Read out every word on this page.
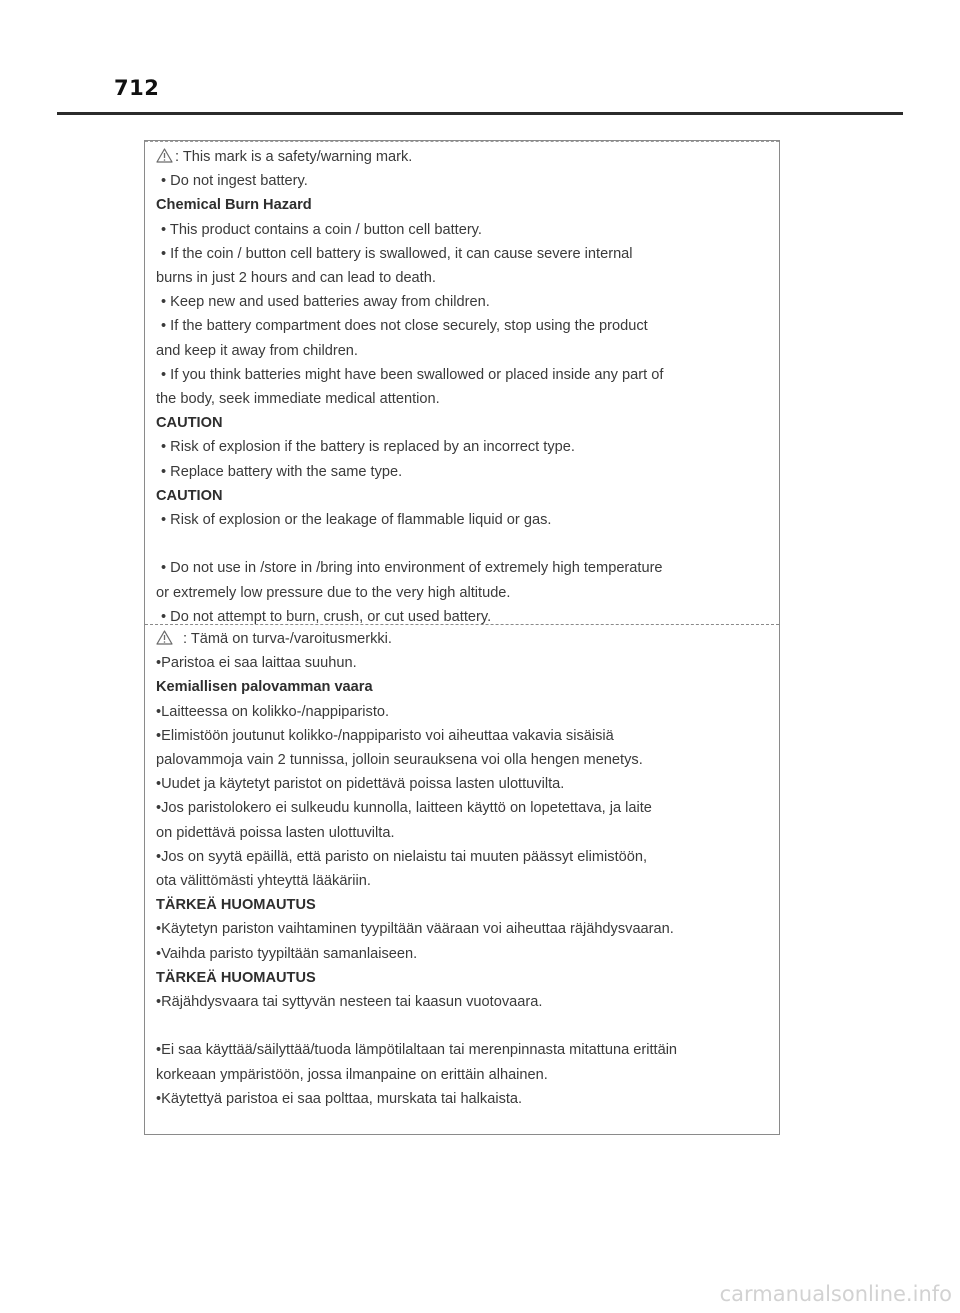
712
: This mark is a safety/warning mark.
• Do not ingest battery.
Chemical Burn Hazard
• This product contains a coin / button cell battery.
• If the coin / button cell battery is swallowed, it can cause severe internal
burns in just 2 hours and can lead to death.
• Keep new and used batteries away from children.
• If the battery compartment does not close securely, stop using the product
and keep it away from children.
• If you think batteries might have been swallowed or placed inside any part of
the body, seek immediate medical attention.
CAUTION
• Risk of explosion if the battery is replaced by an incorrect type.
• Replace battery with the same type.
CAUTION
• Risk of explosion or the leakage of flammable liquid or gas.
• Do not use in /store in /bring into environment of extremely high temperature
or extremely low pressure due to the very high altitude.
• Do not attempt to burn, crush, or cut used battery.
: Tämä on turva-/varoitusmerkki.
•Paristoa ei saa laittaa suuhun.
Kemiallisen palovamman vaara
•Laitteessa on kolikko-/nappiparisto.
•Elimistöön joutunut kolikko-/nappiparisto voi aiheuttaa vakavia sisäisiä
palovammoja vain 2 tunnissa, jolloin seurauksena voi olla hengen menetys.
•Uudet ja käytetyt paristot on pidettävä poissa lasten ulottuvilta.
•Jos paristolokero ei sulkeudu kunnolla, laitteen käyttö on lopetettava, ja laite
on pidettävä poissa lasten ulottuvilta.
•Jos on syytä epäillä, että paristo on nielaistu tai muuten päässyt elimistöön,
ota välittömästi yhteyttä lääkäriin.
TÄRKEÄ HUOMAUTUS
•Käytetyn pariston vaihtaminen tyypiltään vääraan voi aiheuttaa räjähdysvaaran.
•Vaihda paristo tyypiltään samanlaiseen.
TÄRKEÄ HUOMAUTUS
•Räjähdysvaara tai syttyvän nesteen tai kaasun vuotovaara.
•Ei saa käyttää/säilyttää/tuoda lämpötilaltaan tai merenpinnasta mitattuna erittäin
korkeaan ympäristöön, jossa ilmanpaine on erittäin alhainen.
•Käytettyä paristoa ei saa polttaa, murskata tai halkaista.
carmanualsonline.info
